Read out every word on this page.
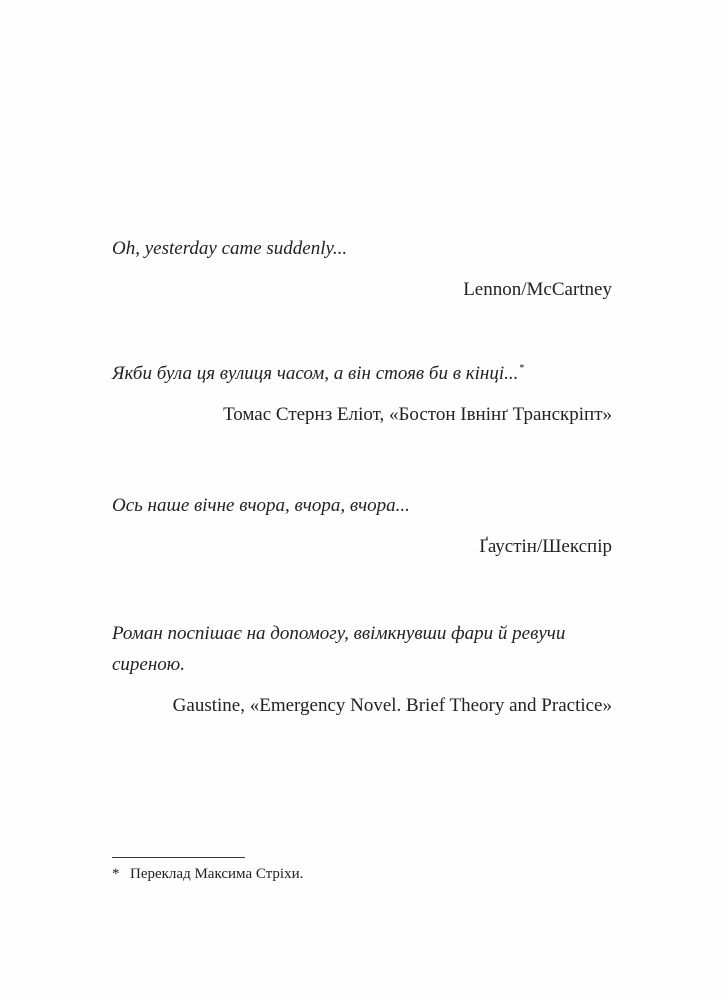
Oh, yesterday came suddenly...

Lennon/McCartney

Якби була ця вулиця часом, а він стояв би в кінці...*

Томас Стернз Еліот, «Бостон Івнінґ Транскріпт»

Ось наше вічне вчора, вчора, вчора...

Ґаустін/Шекспір

Роман поспішає на допомогу, ввімкнувши фари й ревучи сиреною.

Gaustine, «Emergency Novel. Brief Theory and Practice»

* Переклад Максима Стріхи.
